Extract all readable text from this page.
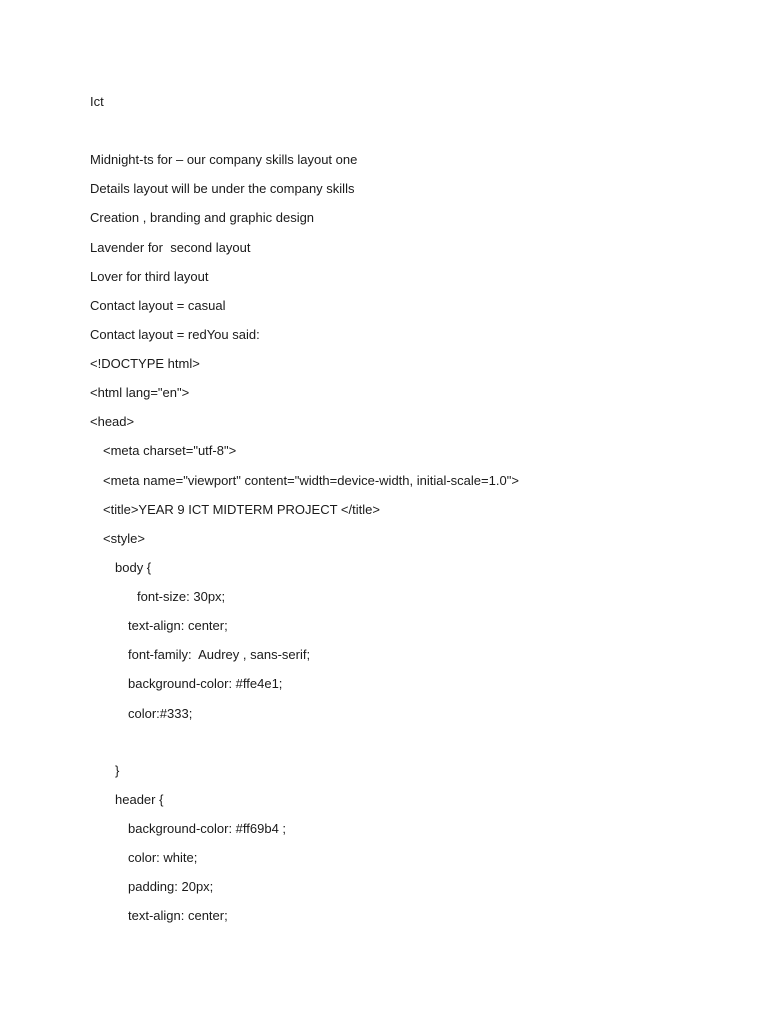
Ict
Midnight-ts for – our company skills layout one
Details layout will be under the company skills
Creation , branding and graphic design
Lavender for  second layout
Lover for third layout
Contact layout = casual
Contact layout = redYou said:
<!DOCTYPE html>
<html lang="en">
<head>
<meta charset="utf-8">
<meta name="viewport" content="width=device-width, initial-scale=1.0">
<title>YEAR 9 ICT MIDTERM PROJECT </title>
<style>
body {
font-size: 30px;
text-align: center;
font-family:  Audrey , sans-serif;
background-color: #ffe4e1;
color:#333;
}
header {
background-color: #ff69b4 ;
color: white;
padding: 20px;
text-align: center;
